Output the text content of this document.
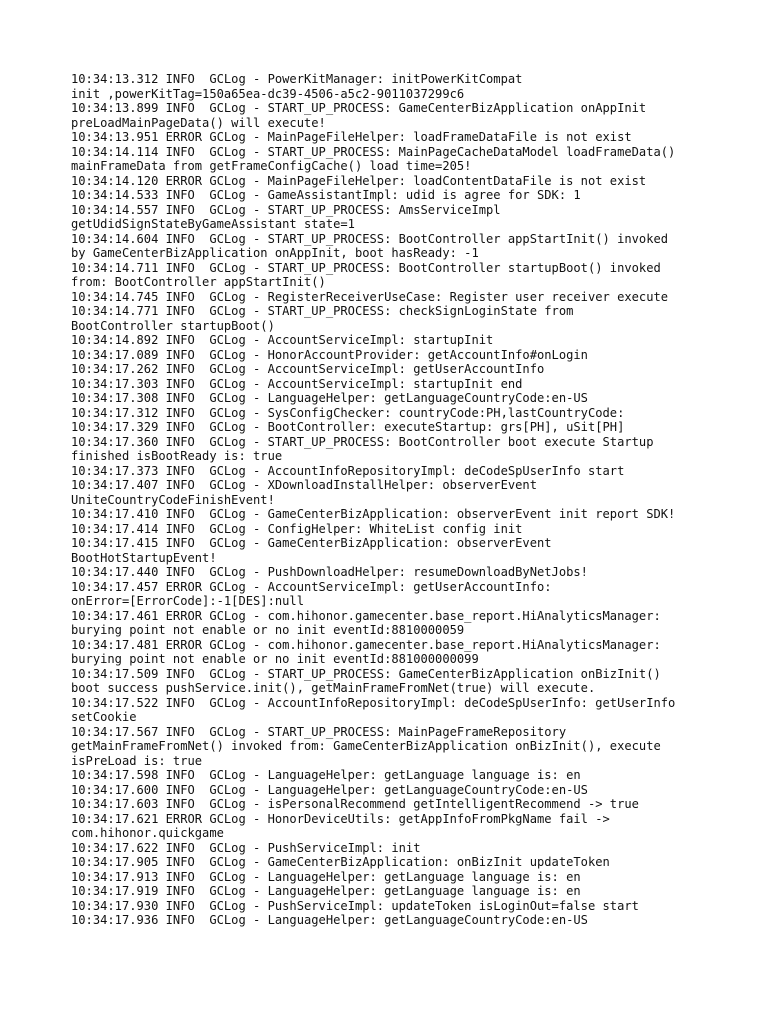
10:34:13.312 INFO  GCLog - PowerKitManager: initPowerKitCompat
init ,powerKitTag=150a65ea-dc39-4506-a5c2-9011037299c6
10:34:13.899 INFO  GCLog - START_UP_PROCESS: GameCenterBizApplication onAppInit
preLoadMainPageData() will execute!
10:34:13.951 ERROR GCLog - MainPageFileHelper: loadFrameDataFile is not exist
10:34:14.114 INFO  GCLog - START_UP_PROCESS: MainPageCacheDataModel loadFrameData()
mainFrameData from getFrameConfigCache() load time=205!
10:34:14.120 ERROR GCLog - MainPageFileHelper: loadContentDataFile is not exist
10:34:14.533 INFO  GCLog - GameAssistantImpl: udid is agree for SDK: 1
10:34:14.557 INFO  GCLog - START_UP_PROCESS: AmsServiceImpl
getUdidSignStateByGameAssistant state=1
10:34:14.604 INFO  GCLog - START_UP_PROCESS: BootController appStartInit() invoked
by GameCenterBizApplication onAppInit, boot hasReady: -1
10:34:14.711 INFO  GCLog - START_UP_PROCESS: BootController startupBoot() invoked
from: BootController appStartInit()
10:34:14.745 INFO  GCLog - RegisterReceiverUseCase: Register user receiver execute
10:34:14.771 INFO  GCLog - START_UP_PROCESS: checkSignLoginState from
BootController startupBoot()
10:34:14.892 INFO  GCLog - AccountServiceImpl: startupInit
10:34:17.089 INFO  GCLog - HonorAccountProvider: getAccountInfo#onLogin
10:34:17.262 INFO  GCLog - AccountServiceImpl: getUserAccountInfo
10:34:17.303 INFO  GCLog - AccountServiceImpl: startupInit end
10:34:17.308 INFO  GCLog - LanguageHelper: getLanguageCountryCode:en-US
10:34:17.312 INFO  GCLog - SysConfigChecker: countryCode:PH,lastCountryCode:
10:34:17.329 INFO  GCLog - BootController: executeStartup: grs[PH], uSit[PH]
10:34:17.360 INFO  GCLog - START_UP_PROCESS: BootController boot execute Startup
finished isBootReady is: true
10:34:17.373 INFO  GCLog - AccountInfoRepositoryImpl: deCodeSpUserInfo start
10:34:17.407 INFO  GCLog - XDownloadInstallHelper: observerEvent
UniteCountryCodeFinishEvent!
10:34:17.410 INFO  GCLog - GameCenterBizApplication: observerEvent init report SDK!
10:34:17.414 INFO  GCLog - ConfigHelper: WhiteList config init
10:34:17.415 INFO  GCLog - GameCenterBizApplication: observerEvent
BootHotStartupEvent!
10:34:17.440 INFO  GCLog - PushDownloadHelper: resumeDownloadByNetJobs!
10:34:17.457 ERROR GCLog - AccountServiceImpl: getUserAccountInfo:
onError=[ErrorCode]:-1[DES]:null
10:34:17.461 ERROR GCLog - com.hihonor.gamecenter.base_report.HiAnalyticsManager:
burying point not enable or no init eventId:8810000059
10:34:17.481 ERROR GCLog - com.hihonor.gamecenter.base_report.HiAnalyticsManager:
burying point not enable or no init eventId:881000000099
10:34:17.509 INFO  GCLog - START_UP_PROCESS: GameCenterBizApplication onBizInit()
boot success pushService.init(), getMainFrameFromNet(true) will execute.
10:34:17.522 INFO  GCLog - AccountInfoRepositoryImpl: deCodeSpUserInfo: getUserInfo
setCookie
10:34:17.567 INFO  GCLog - START_UP_PROCESS: MainPageFrameRepository
getMainFrameFromNet() invoked from: GameCenterBizApplication onBizInit(), execute
isPreLoad is: true
10:34:17.598 INFO  GCLog - LanguageHelper: getLanguage language is: en
10:34:17.600 INFO  GCLog - LanguageHelper: getLanguageCountryCode:en-US
10:34:17.603 INFO  GCLog - isPersonalRecommend getIntelligentRecommend -> true
10:34:17.621 ERROR GCLog - HonorDeviceUtils: getAppInfoFromPkgName fail ->
com.hihonor.quickgame
10:34:17.622 INFO  GCLog - PushServiceImpl: init
10:34:17.905 INFO  GCLog - GameCenterBizApplication: onBizInit updateToken
10:34:17.913 INFO  GCLog - LanguageHelper: getLanguage language is: en
10:34:17.919 INFO  GCLog - LanguageHelper: getLanguage language is: en
10:34:17.930 INFO  GCLog - PushServiceImpl: updateToken isLoginOut=false start
10:34:17.936 INFO  GCLog - LanguageHelper: getLanguageCountryCode:en-US
